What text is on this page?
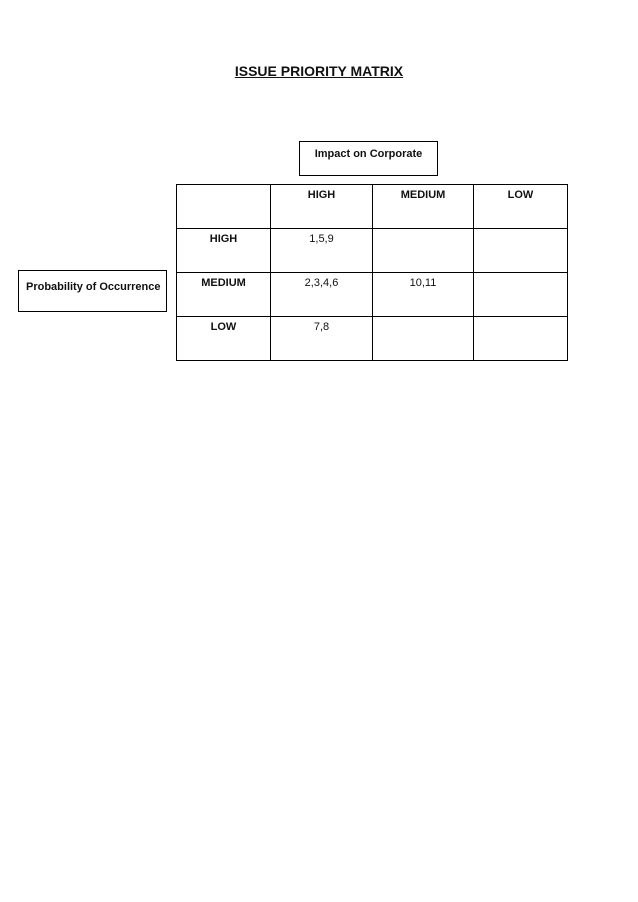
ISSUE PRIORITY MATRIX
Impact on Corporate
Probability of Occurrence

	HIGH	MEDIUM	LOW

HIGH	1,5,9		

MEDIUM	2,3,4,6	10,11	

LOW	7,8		
